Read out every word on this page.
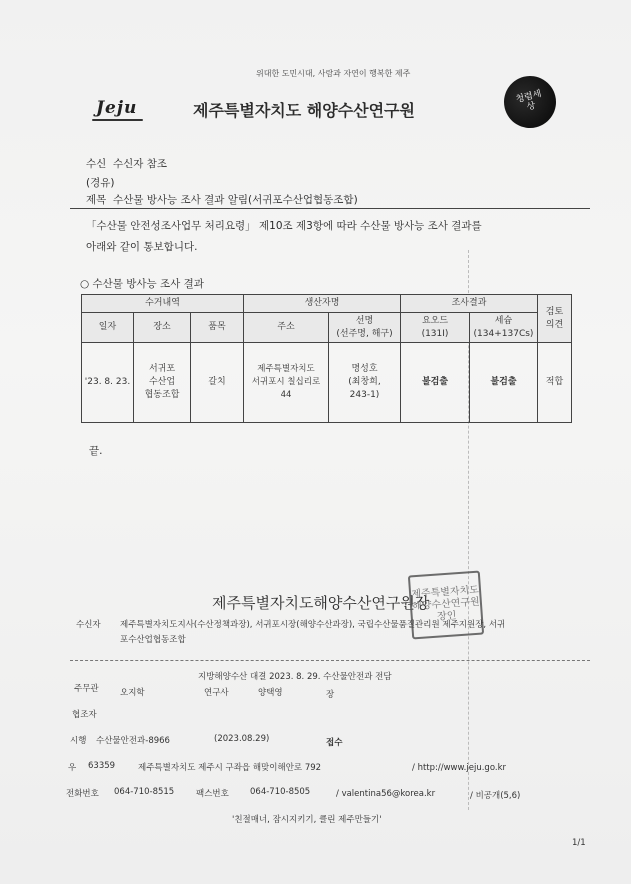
위대한 도민시대, 사람과 자연이 행복한 제주
Jeju	제주특별자치도 해양수산연구원
청렴세상
수신 수신자 참조
(경유)
제목 수산물 방사능 조사 결과 알림(서귀포수산업협동조합)
「수산물 안전성조사업무 처리요령」 제10조 제3항에 따라 수산물 방사능 조사 결과를
아래와 같이 통보합니다.
○ 수산물 방사능 조사 결과
수거내역			생산자명		조사결과		검토
의견
일자	장소	품목	주소	선명
(선주명, 해구)	요오드
(131I)	세슘
(134+137Cs)	
'23. 8. 23.	서귀포
수산업
협동조합	갈치	제주특별자치도
서귀포시 칠십리로
44	명성호
(최창희,
243-1)	불검출	불검출	적합
끝.
제주특별자치도해양수산연구원장
제주특별자치도해양수산연구원장인
수신자 제주특별자치도지사(수산정책과장), 서귀포시장(해양수산과장), 국립수산물품질관리원 제주지원장, 서귀
포수산업협동조합
지방해양수산 대결 2023. 8. 29. 수산물안전과 전담
주무관	오지학	연구사	양택영	장
협조자
시행 수산물안전과-8966	(2023.08.29)	접수
우 63359	제주특별자치도 제주시 구좌읍 해맞이해안로 792	/ http://www.jeju.go.kr
전화번호 064-710-8515	팩스번호 064-710-8505	/ valentina56@korea.kr	/ 비공개(5,6)
'친절매너, 잠시지키기, 클린 제주만들기'
1/1
